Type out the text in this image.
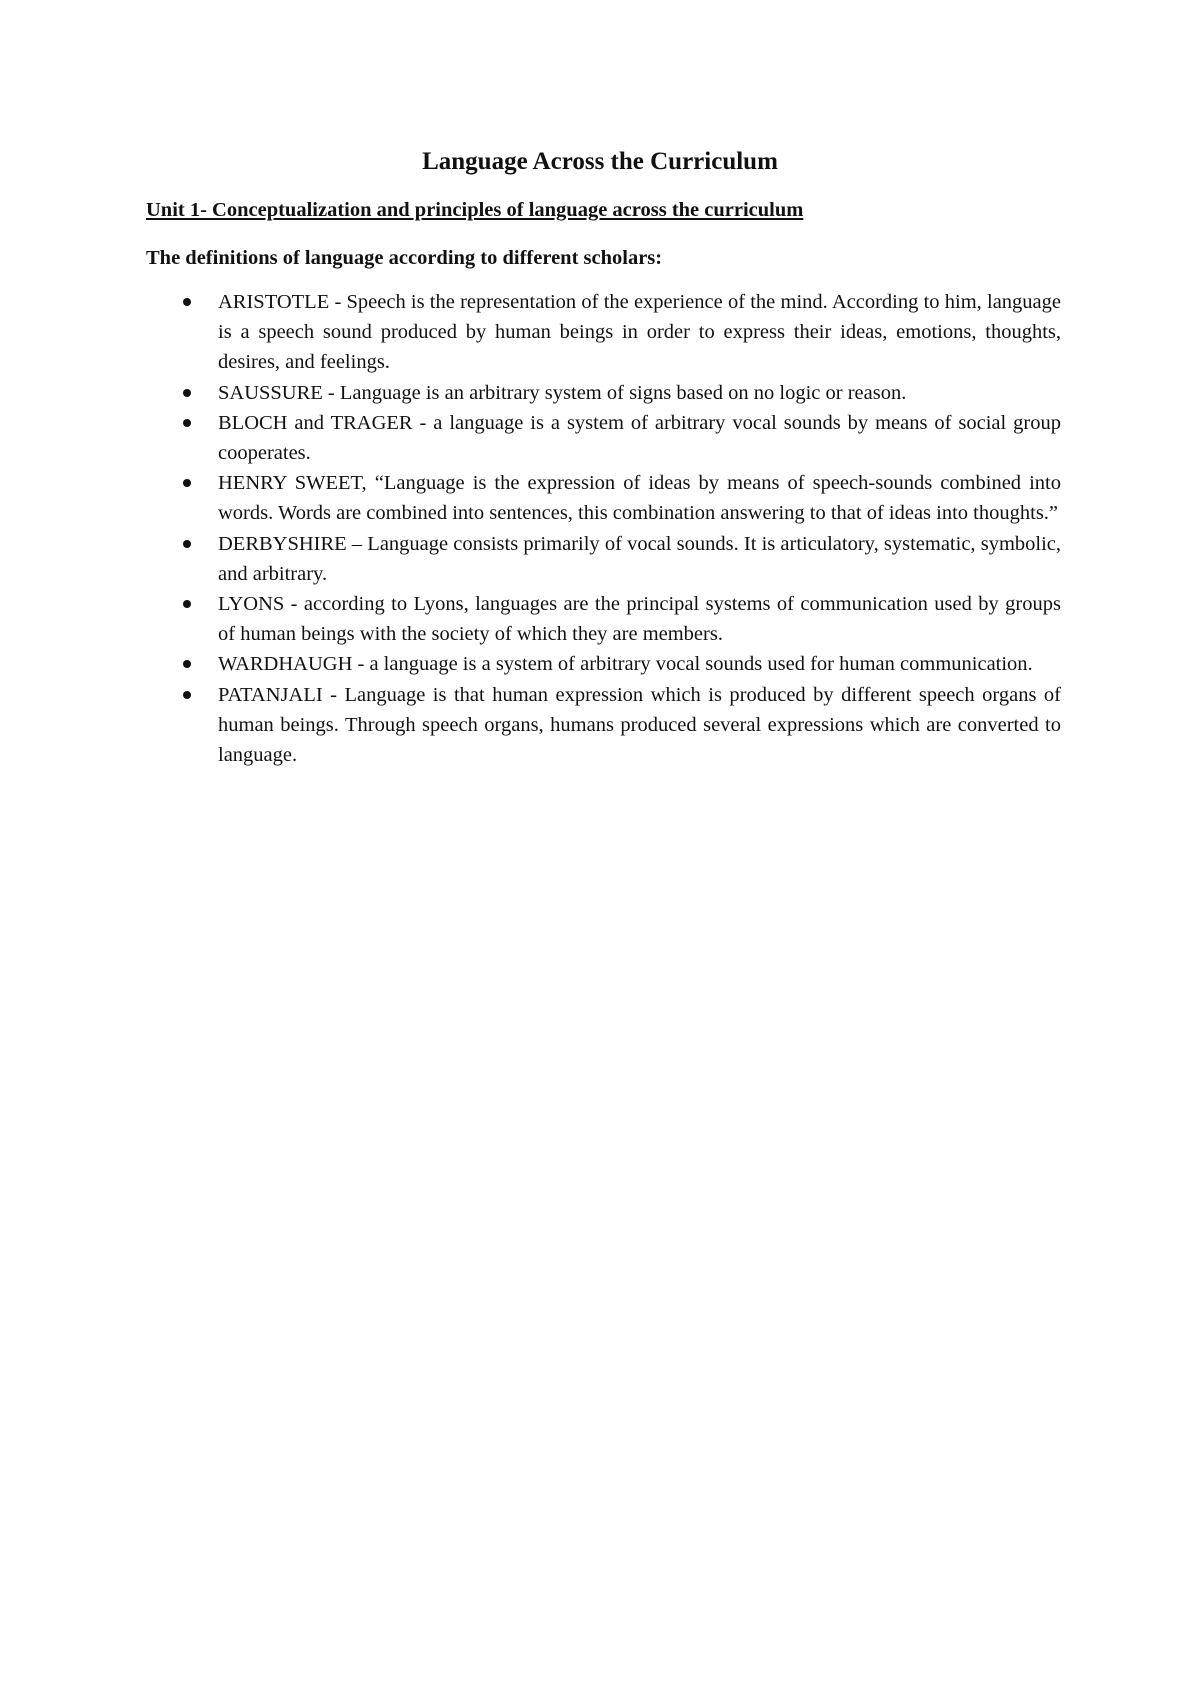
Language Across the Curriculum
Unit 1- Conceptualization and principles of language across the curriculum
The definitions of language according to different scholars:
ARISTOTLE - Speech is the representation of the experience of the mind. According to him, language is a speech sound produced by human beings in order to express their ideas, emotions, thoughts, desires, and feelings.
SAUSSURE - Language is an arbitrary system of signs based on no logic or reason.
BLOCH and TRAGER - a language is a system of arbitrary vocal sounds by means of social group cooperates.
HENRY SWEET, “Language is the expression of ideas by means of speech-sounds combined into words. Words are combined into sentences, this combination answering to that of ideas into thoughts.”
DERBYSHIRE – Language consists primarily of vocal sounds. It is articulatory, systematic, symbolic, and arbitrary.
LYONS - according to Lyons, languages are the principal systems of communication used by groups of human beings with the society of which they are members.
WARDHAUGH - a language is a system of arbitrary vocal sounds used for human communication.
PATANJALI - Language is that human expression which is produced by different speech organs of human beings. Through speech organs, humans produced several expressions which are converted to language.
